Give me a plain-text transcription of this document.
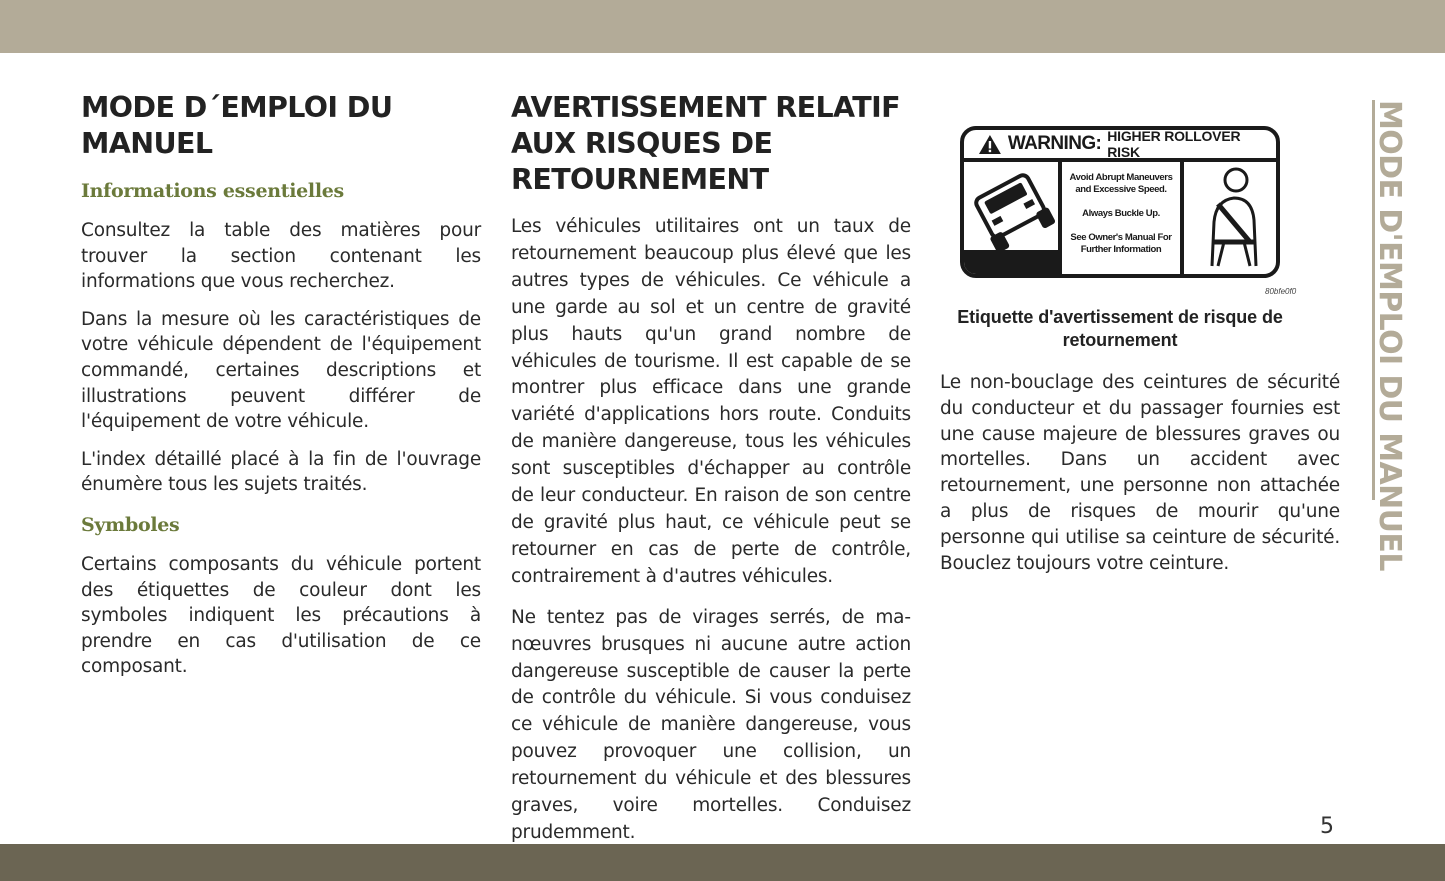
MODE D´EMPLOI DU MANUEL
Informations essentielles

Consultez la table des matières pour trouver la section contenant les informations que vous recherchez.

Dans la mesure où les caractéristiques de votre véhicule dépendent de l'équipement commandé, certaines descriptions et illustrations peuvent différer de l'équipement de votre véhicule.

L'index détaillé placé à la fin de l'ouvrage énumère tous les sujets traités.

Symboles

Certains composants du véhicule portent des étiquettes de couleur dont les symboles indiquent les précautions à prendre en cas d'utilisation de ce composant.

AVERTISSEMENT RELATIF AUX RISQUES DE RETOURNEMENT

Les véhicules utilitaires ont un taux de retournement beaucoup plus élevé que les autres types de véhicules. Ce véhicule a une garde au sol et un centre de gravité plus hauts qu'un grand nombre de véhicules de tourisme. Il est capable de se montrer plus efficace dans une grande variété d'applications hors route. Conduits de manière dangereuse, tous les véhicules sont susceptibles d'échapper au contrôle de leur conducteur. En raison de son centre de gravité plus haut, ce véhicule peut se retourner en cas de perte de contrôle, contrairement à d'autres véhicules.

Ne tentez pas de virages serrés, de manœuvres brusques ni aucune autre action dangereuse susceptible de causer la perte de contrôle du véhicule. Si vous conduisez ce véhicule de manière dangereuse, vous pouvez provoquer une collision, un retournement du véhicule et des blessures graves, voire mortelles. Conduisez prudemment.

WARNING: HIGHER ROLLOVER RISK
Avoid Abrupt Maneuvers and Excessive Speed.
Always Buckle Up.
See Owner's Manual For Further Information
80bfe0f0
Etiquette d'avertissement de risque de retournement

Le non-bouclage des ceintures de sécurité du conducteur et du passager fournies est une cause majeure de blessures graves ou mortelles. Dans un accident avec retournement, une personne non attachée a plus de risques de mourir qu'une personne qui utilise sa ceinture de sécurité. Bouclez toujours votre ceinture.	MODE D'EMPLOI DU MANUEL
5
